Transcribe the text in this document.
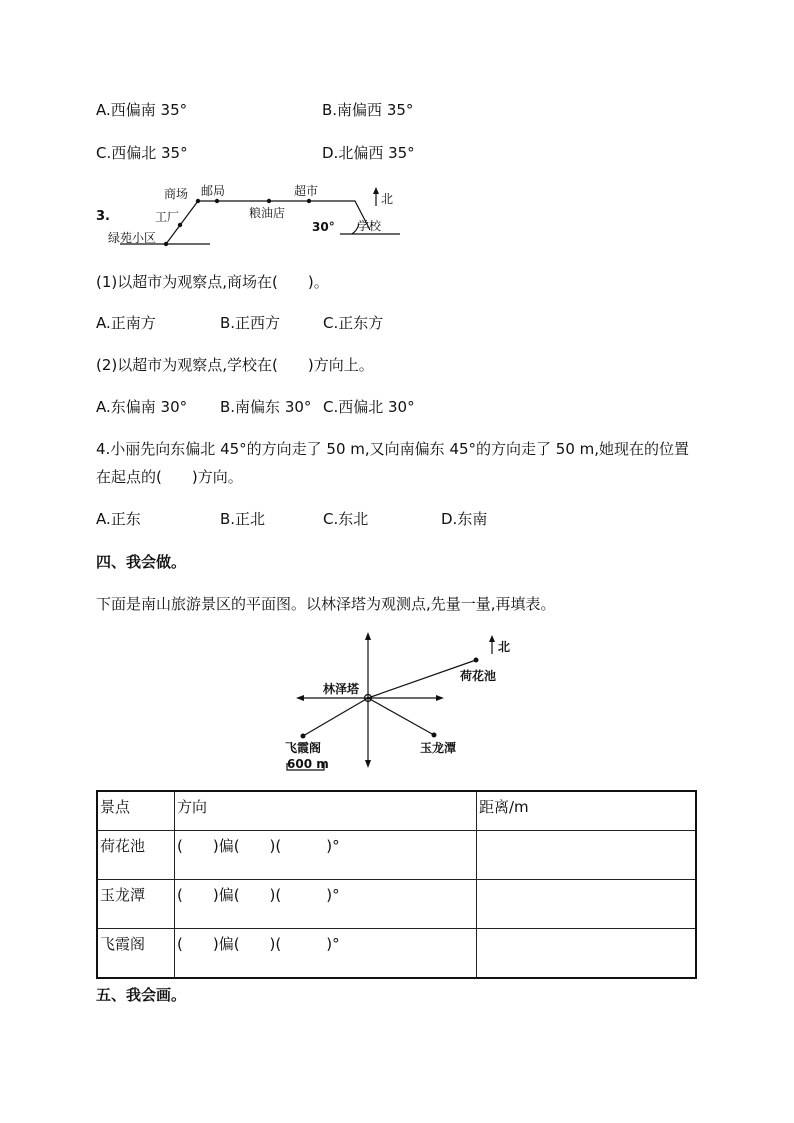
A.西偏南 35°	B.南偏西 35°
C.西偏北 35°	D.北偏西 35°
3.
商场 邮局	超市
北
工厂	粮油店
30° 学校
绿苑小区
(1)以超市为观察点,商场在(　　)。
A.正南方	B.正西方	C.正东方
(2)以超市为观察点,学校在(　　)方向上。
A.东偏南 30° B.南偏东 30° C.西偏北 30°
4.小丽先向东偏北 45°的方向走了 50 m,又向南偏东 45°的方向走了 50 m,她现在的位置
在起点的(　　)方向。
A.正东	B.正北	C.东北	D.东南
四、我会做。
下面是南山旅游景区的平面图。以林泽塔为观测点,先量一量,再填表。
北
林泽塔
荷花池
飞霞阁	玉龙潭
600 m
景点	方向	距离/m
荷花池	(　　)偏(　　)(　　　)°	
玉龙潭	(　　)偏(　　)(　　　)°	
飞霞阁	(　　)偏(　　)(　　　)°	
五、我会画。
